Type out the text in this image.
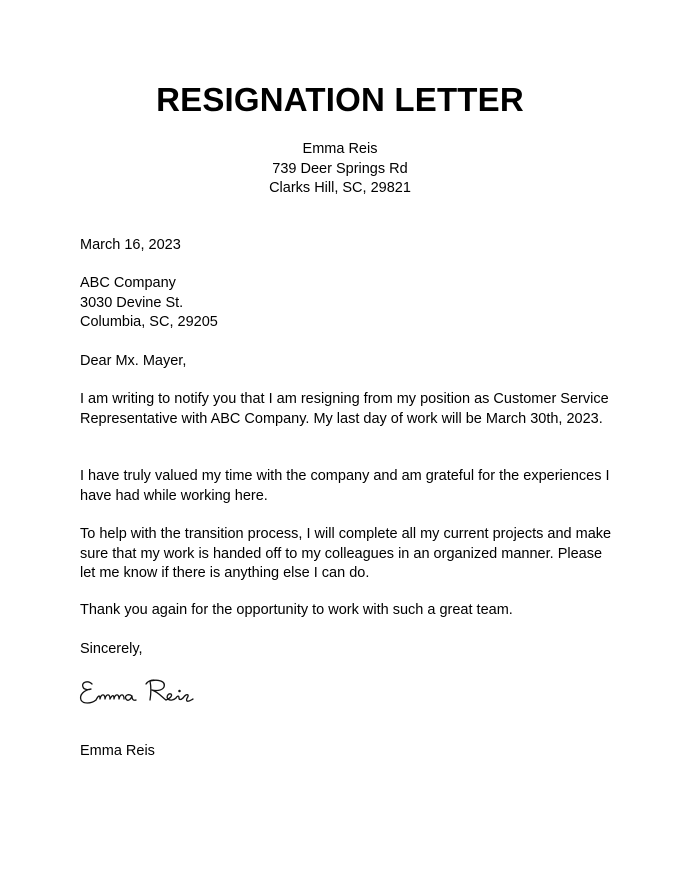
RESIGNATION LETTER
Emma Reis
739 Deer Springs Rd
Clarks Hill, SC, 29821
March 16, 2023
ABC Company
3030 Devine St.
Columbia, SC, 29205
Dear Mx. Mayer,

I am writing to notify you that I am resigning from my position as Customer Service Representative with ABC Company. My last day of work will be March 30th, 2023.

I have truly valued my time with the company and am grateful for the experiences I have had while working here.

To help with the transition process, I will complete all my current projects and make sure that my work is handed off to my colleagues in an organized manner. Please let me know if there is anything else I can do.

Thank you again for the opportunity to work with such a great team.

Sincerely,
Emma Reis
